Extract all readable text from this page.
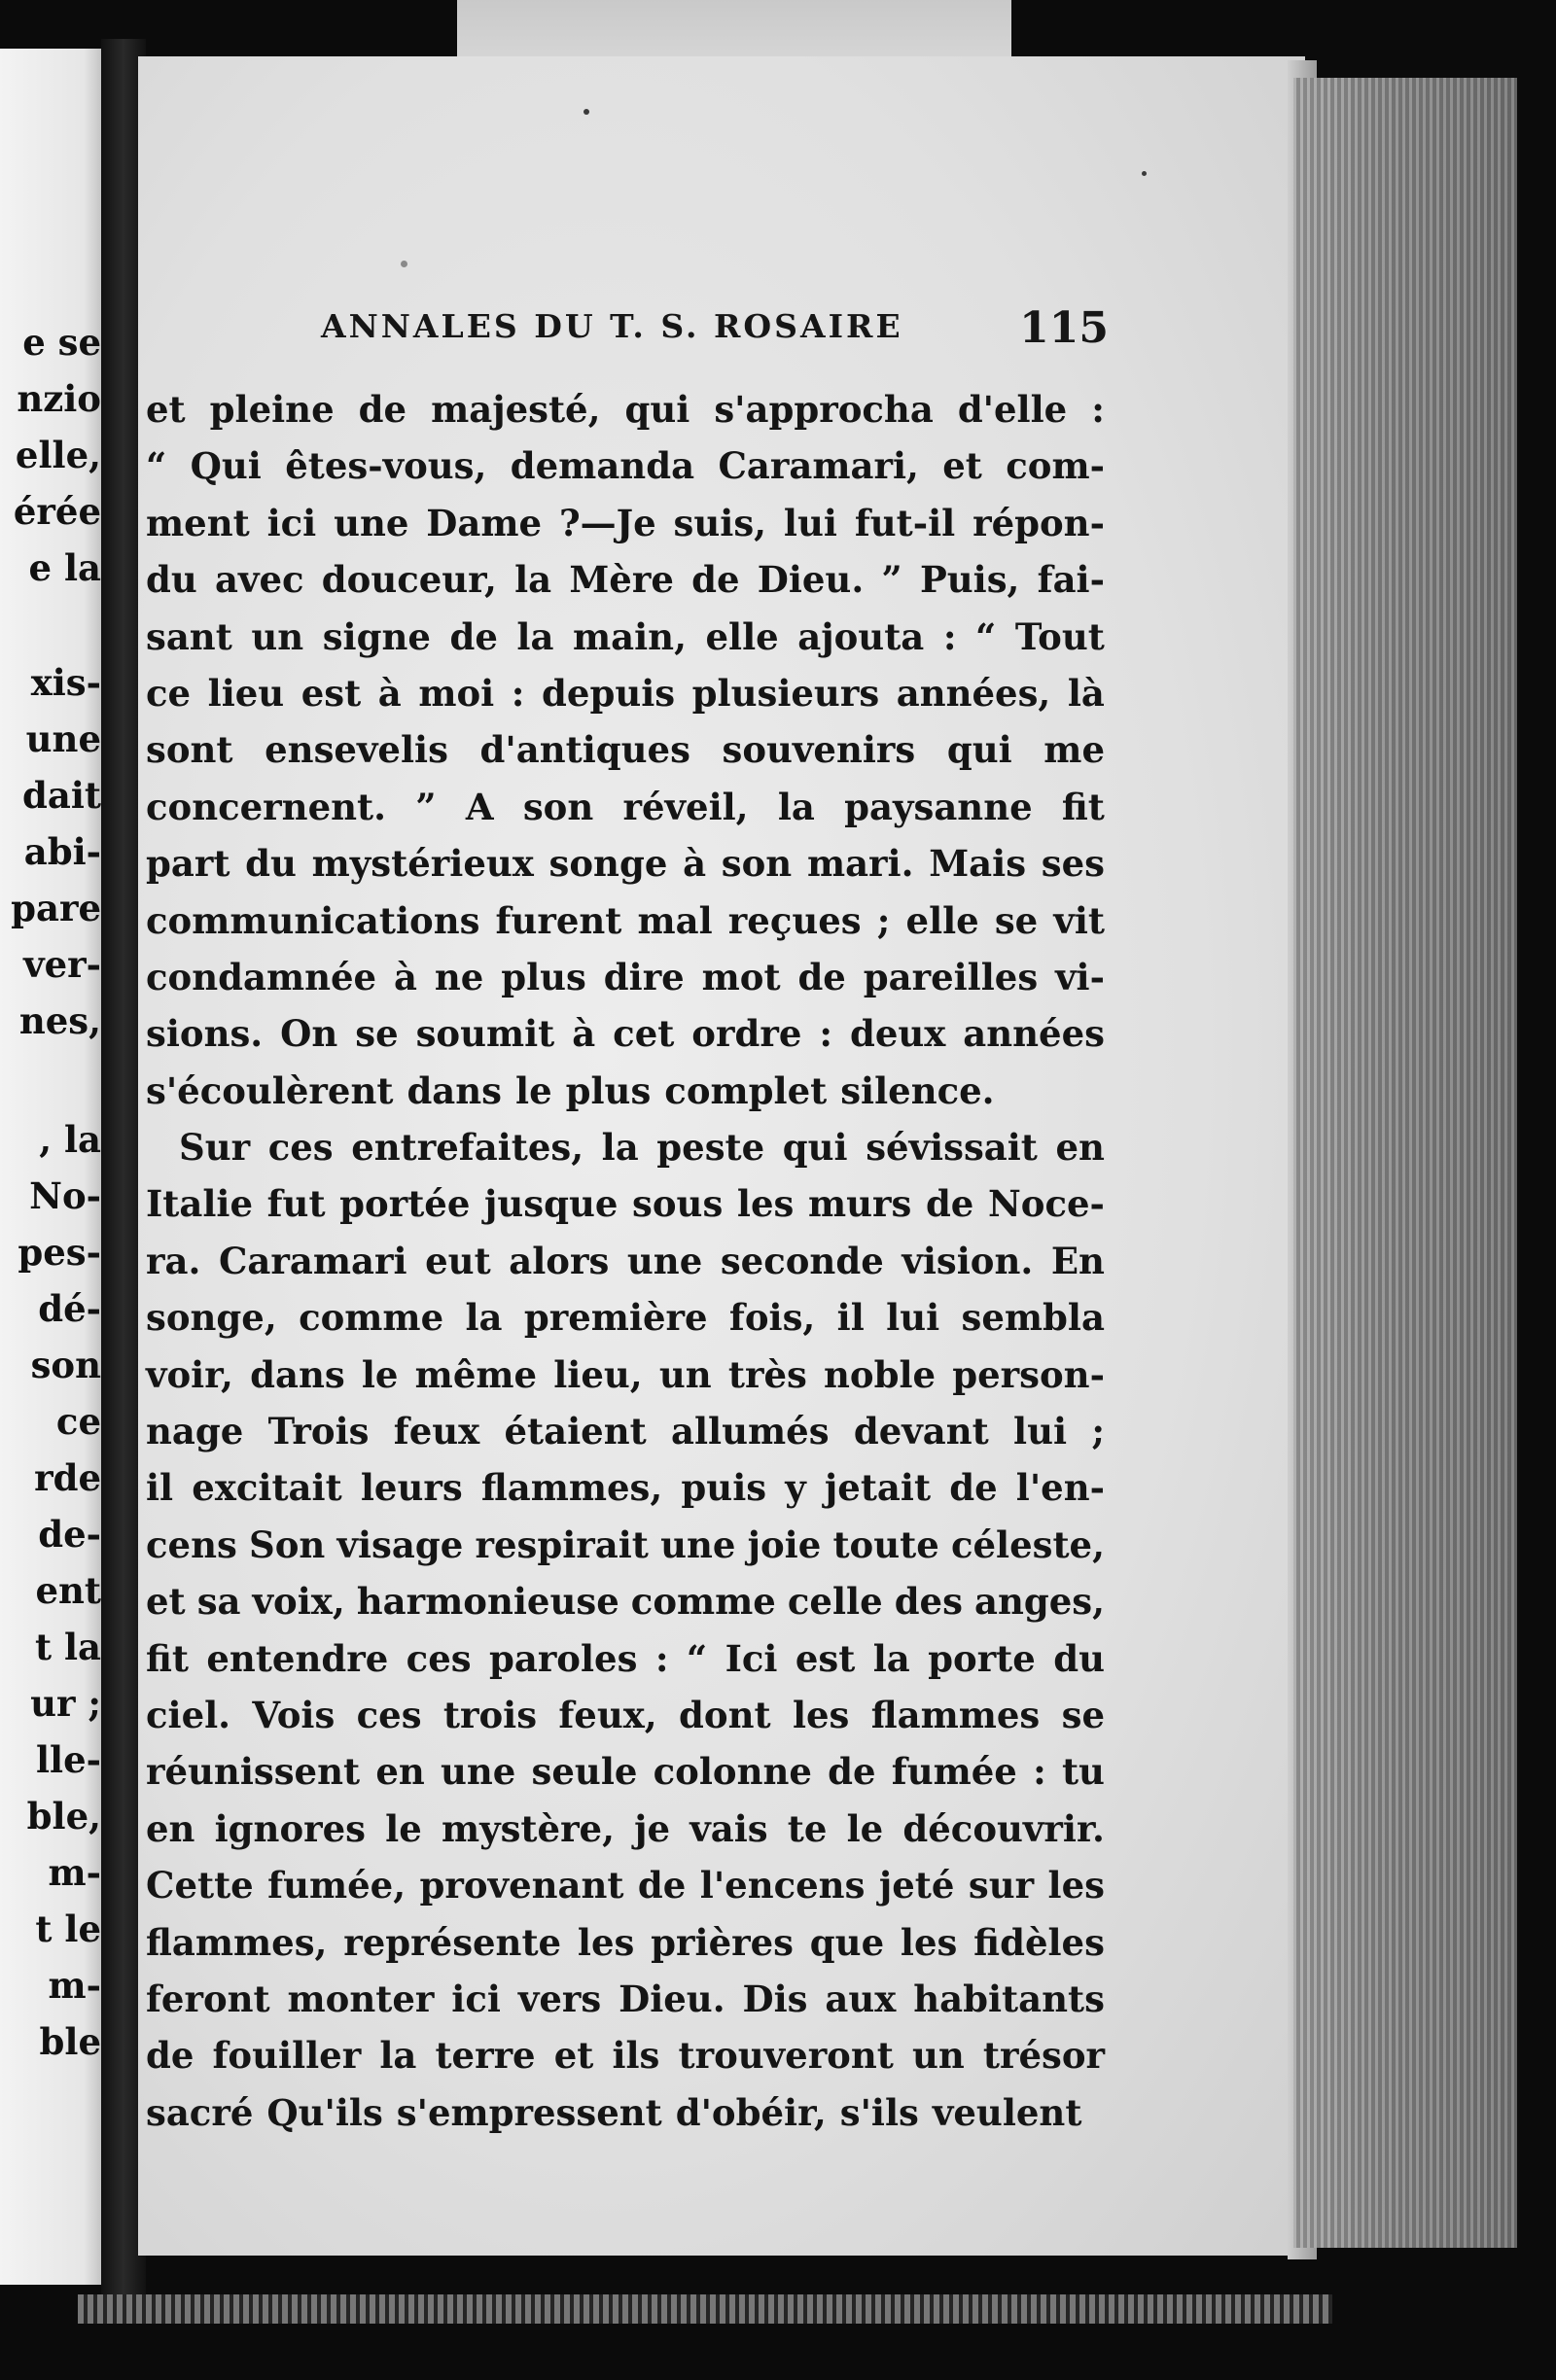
e se
nzio
elle,
érée
e la
xis-
une
dait
abi-
pare
ver-
nes,
, la
No-
pes-
dé-
son
ce
rde
de-
ent
t la
ur ;
lle-
ble,
m-
t le
m-
ble
ANNALES DU T. S. ROSAIRE	115
et pleine de majesté, qui s'approcha d'elle :
“ Qui êtes-vous, demanda Caramari, et com-
ment ici une Dame ?—Je suis, lui fut-il répon-
du avec douceur, la Mère de Dieu. ” Puis, fai-
sant un signe de la main, elle ajouta : “ Tout
ce lieu est à moi : depuis plusieurs années, là
sont ensevelis d'antiques souvenirs qui me
concernent. ” A son réveil, la paysanne fit
part du mystérieux songe à son mari. Mais ses
communications furent mal reçues ; elle se vit
condamnée à ne plus dire mot de pareilles vi-
sions. On se soumit à cet ordre : deux années
s'écoulèrent dans le plus complet silence.
Sur ces entrefaites, la peste qui sévissait en
Italie fut portée jusque sous les murs de Noce-
ra. Caramari eut alors une seconde vision. En
songe, comme la première fois, il lui sembla
voir, dans le même lieu, un très noble person-
nage Trois feux étaient allumés devant lui ;
il excitait leurs flammes, puis y jetait de l'en-
cens Son visage respirait une joie toute céleste,
et sa voix, harmonieuse comme celle des anges,
fit entendre ces paroles : “ Ici est la porte du
ciel. Vois ces trois feux, dont les flammes se
réunissent en une seule colonne de fumée : tu
en ignores le mystère, je vais te le découvrir.
Cette fumée, provenant de l'encens jeté sur les
flammes, représente les prières que les fidèles
feront monter ici vers Dieu. Dis aux habitants
de fouiller la terre et ils trouveront un trésor
sacré Qu'ils s'empressent d'obéir, s'ils veulent
